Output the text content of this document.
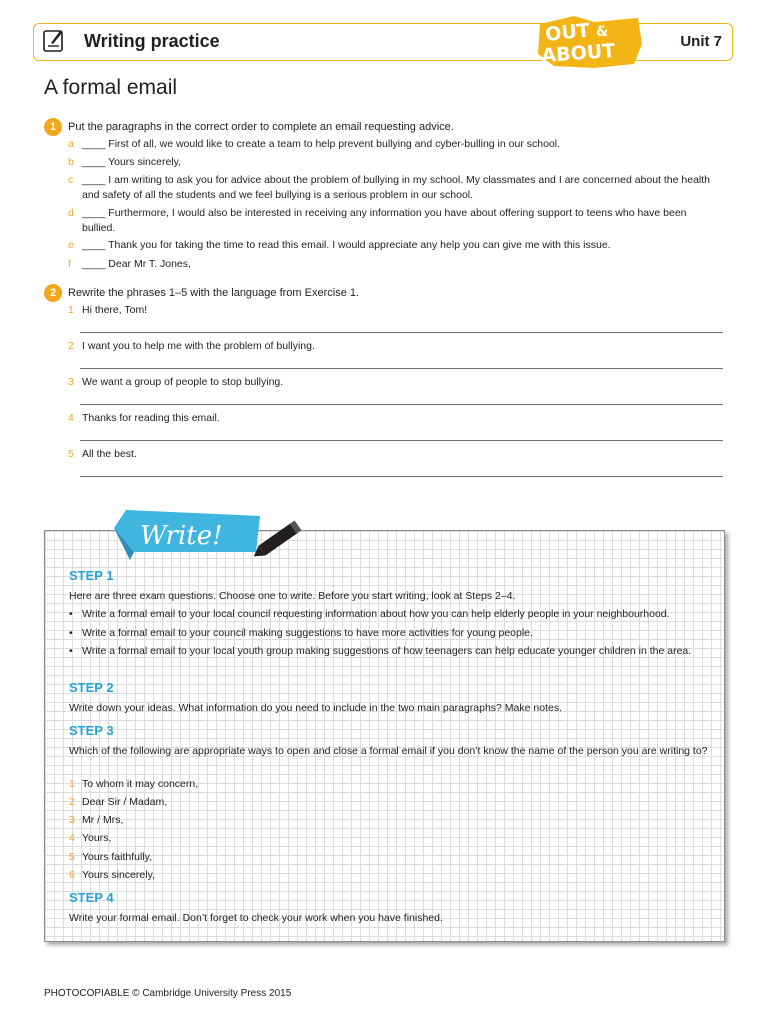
Writing practice	Unit 7
OUT &
ABOUT
A formal email
1	Put the paragraphs in the correct order to complete an email requesting advice.
a ____ First of all, we would like to create a team to help prevent bullying and cyber-bulling in our school.
b ____ Yours sincerely,
c ____ I am writing to ask you for advice about the problem of bullying in my school. My classmates and I are concerned about the health and safety of all the students and we feel bullying is a serious problem in our school.
d ____ Furthermore, I would also be interested in receiving any information you have about offering support to teens who have been bullied.
e ____ Thank you for taking the time to read this email. I would appreciate any help you can give me with this issue.
f ____ Dear Mr T. Jones,
2	Rewrite the phrases 1–5 with the language from Exercise 1.
1 Hi there, Tom!
2 I want you to help me with the problem of bullying.
3 We want a group of people to stop bullying.
4 Thanks for reading this email.
5 All the best.
Write!
STEP 1
Here are three exam questions. Choose one to write. Before you start writing, look at Steps 2–4.
• Write a formal email to your local council requesting information about how you can help elderly people in your neighbourhood.
• Write a formal email to your council making suggestions to have more activities for young people.
• Write a formal email to your local youth group making suggestions of how teenagers can help educate younger children in the area.
STEP 2
Write down your ideas. What information do you need to include in the two main paragraphs? Make notes.
STEP 3
Which of the following are appropriate ways to open and close a formal email if you don’t know the name of the person you are writing to?
1 To whom it may concern,
2 Dear Sir / Madam,
3 Mr / Mrs,
4 Yours,
5 Yours faithfully,
6 Yours sincerely,
STEP 4
Write your formal email. Don’t forget to check your work when you have finished.
PHOTOCOPIABLE © Cambridge University Press 2015
